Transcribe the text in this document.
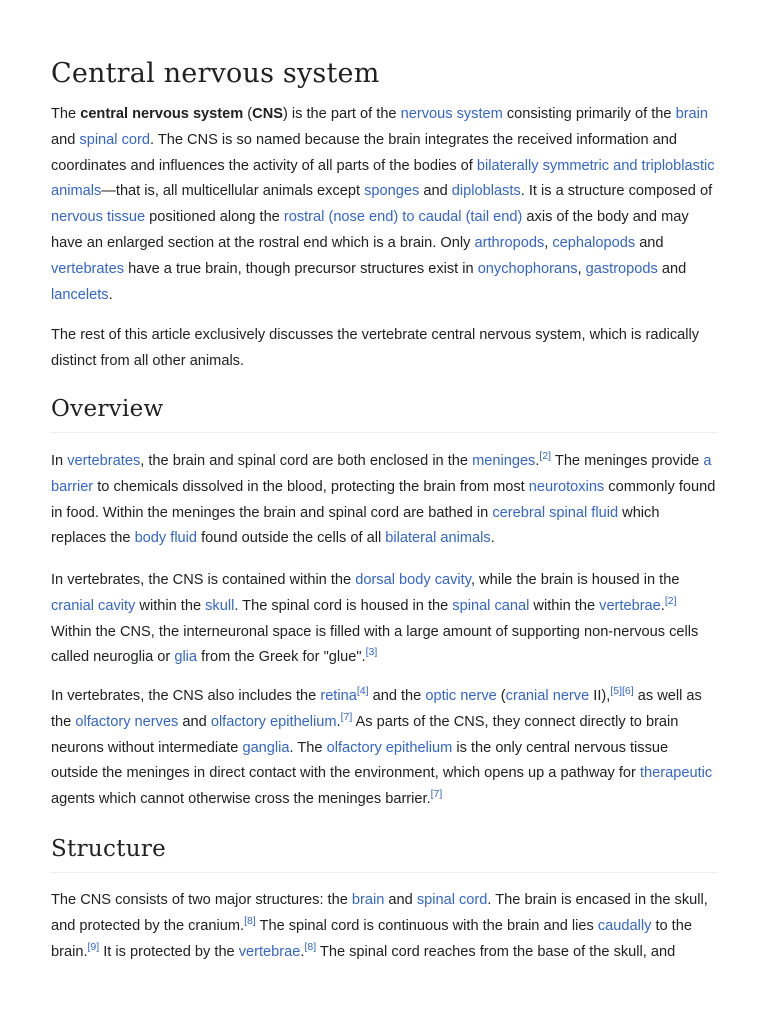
Central nervous system

The central nervous system (CNS) is the part of the nervous system consisting primarily of the brain and spinal cord. The CNS is so named because the brain integrates the received information and coordinates and influences the activity of all parts of the bodies of bilaterally symmetric and triploblastic animals—that is, all multicellular animals except sponges and diploblasts. It is a structure composed of nervous tissue positioned along the rostral (nose end) to caudal (tail end) axis of the body and may have an enlarged section at the rostral end which is a brain. Only arthropods, cephalopods and vertebrates have a true brain, though precursor structures exist in onychophorans, gastropods and lancelets.

The rest of this article exclusively discusses the vertebrate central nervous system, which is radically distinct from all other animals.

Overview

In vertebrates, the brain and spinal cord are both enclosed in the meninges.[2] The meninges provide a barrier to chemicals dissolved in the blood, protecting the brain from most neurotoxins commonly found in food. Within the meninges the brain and spinal cord are bathed in cerebral spinal fluid which replaces the body fluid found outside the cells of all bilateral animals.

In vertebrates, the CNS is contained within the dorsal body cavity, while the brain is housed in the cranial cavity within the skull. The spinal cord is housed in the spinal canal within the vertebrae.[2] Within the CNS, the interneuronal space is filled with a large amount of supporting non-nervous cells called neuroglia or glia from the Greek for "glue".[3]

In vertebrates, the CNS also includes the retina[4] and the optic nerve (cranial nerve II),[5][6] as well as the olfactory nerves and olfactory epithelium.[7] As parts of the CNS, they connect directly to brain neurons without intermediate ganglia. The olfactory epithelium is the only central nervous tissue outside the meninges in direct contact with the environment, which opens up a pathway for therapeutic agents which cannot otherwise cross the meninges barrier.[7]

Structure

The CNS consists of two major structures: the brain and spinal cord. The brain is encased in the skull, and protected by the cranium.[8] The spinal cord is continuous with the brain and lies caudally to the brain.[9] It is protected by the vertebrae.[8] The spinal cord reaches from the base of the skull, and
